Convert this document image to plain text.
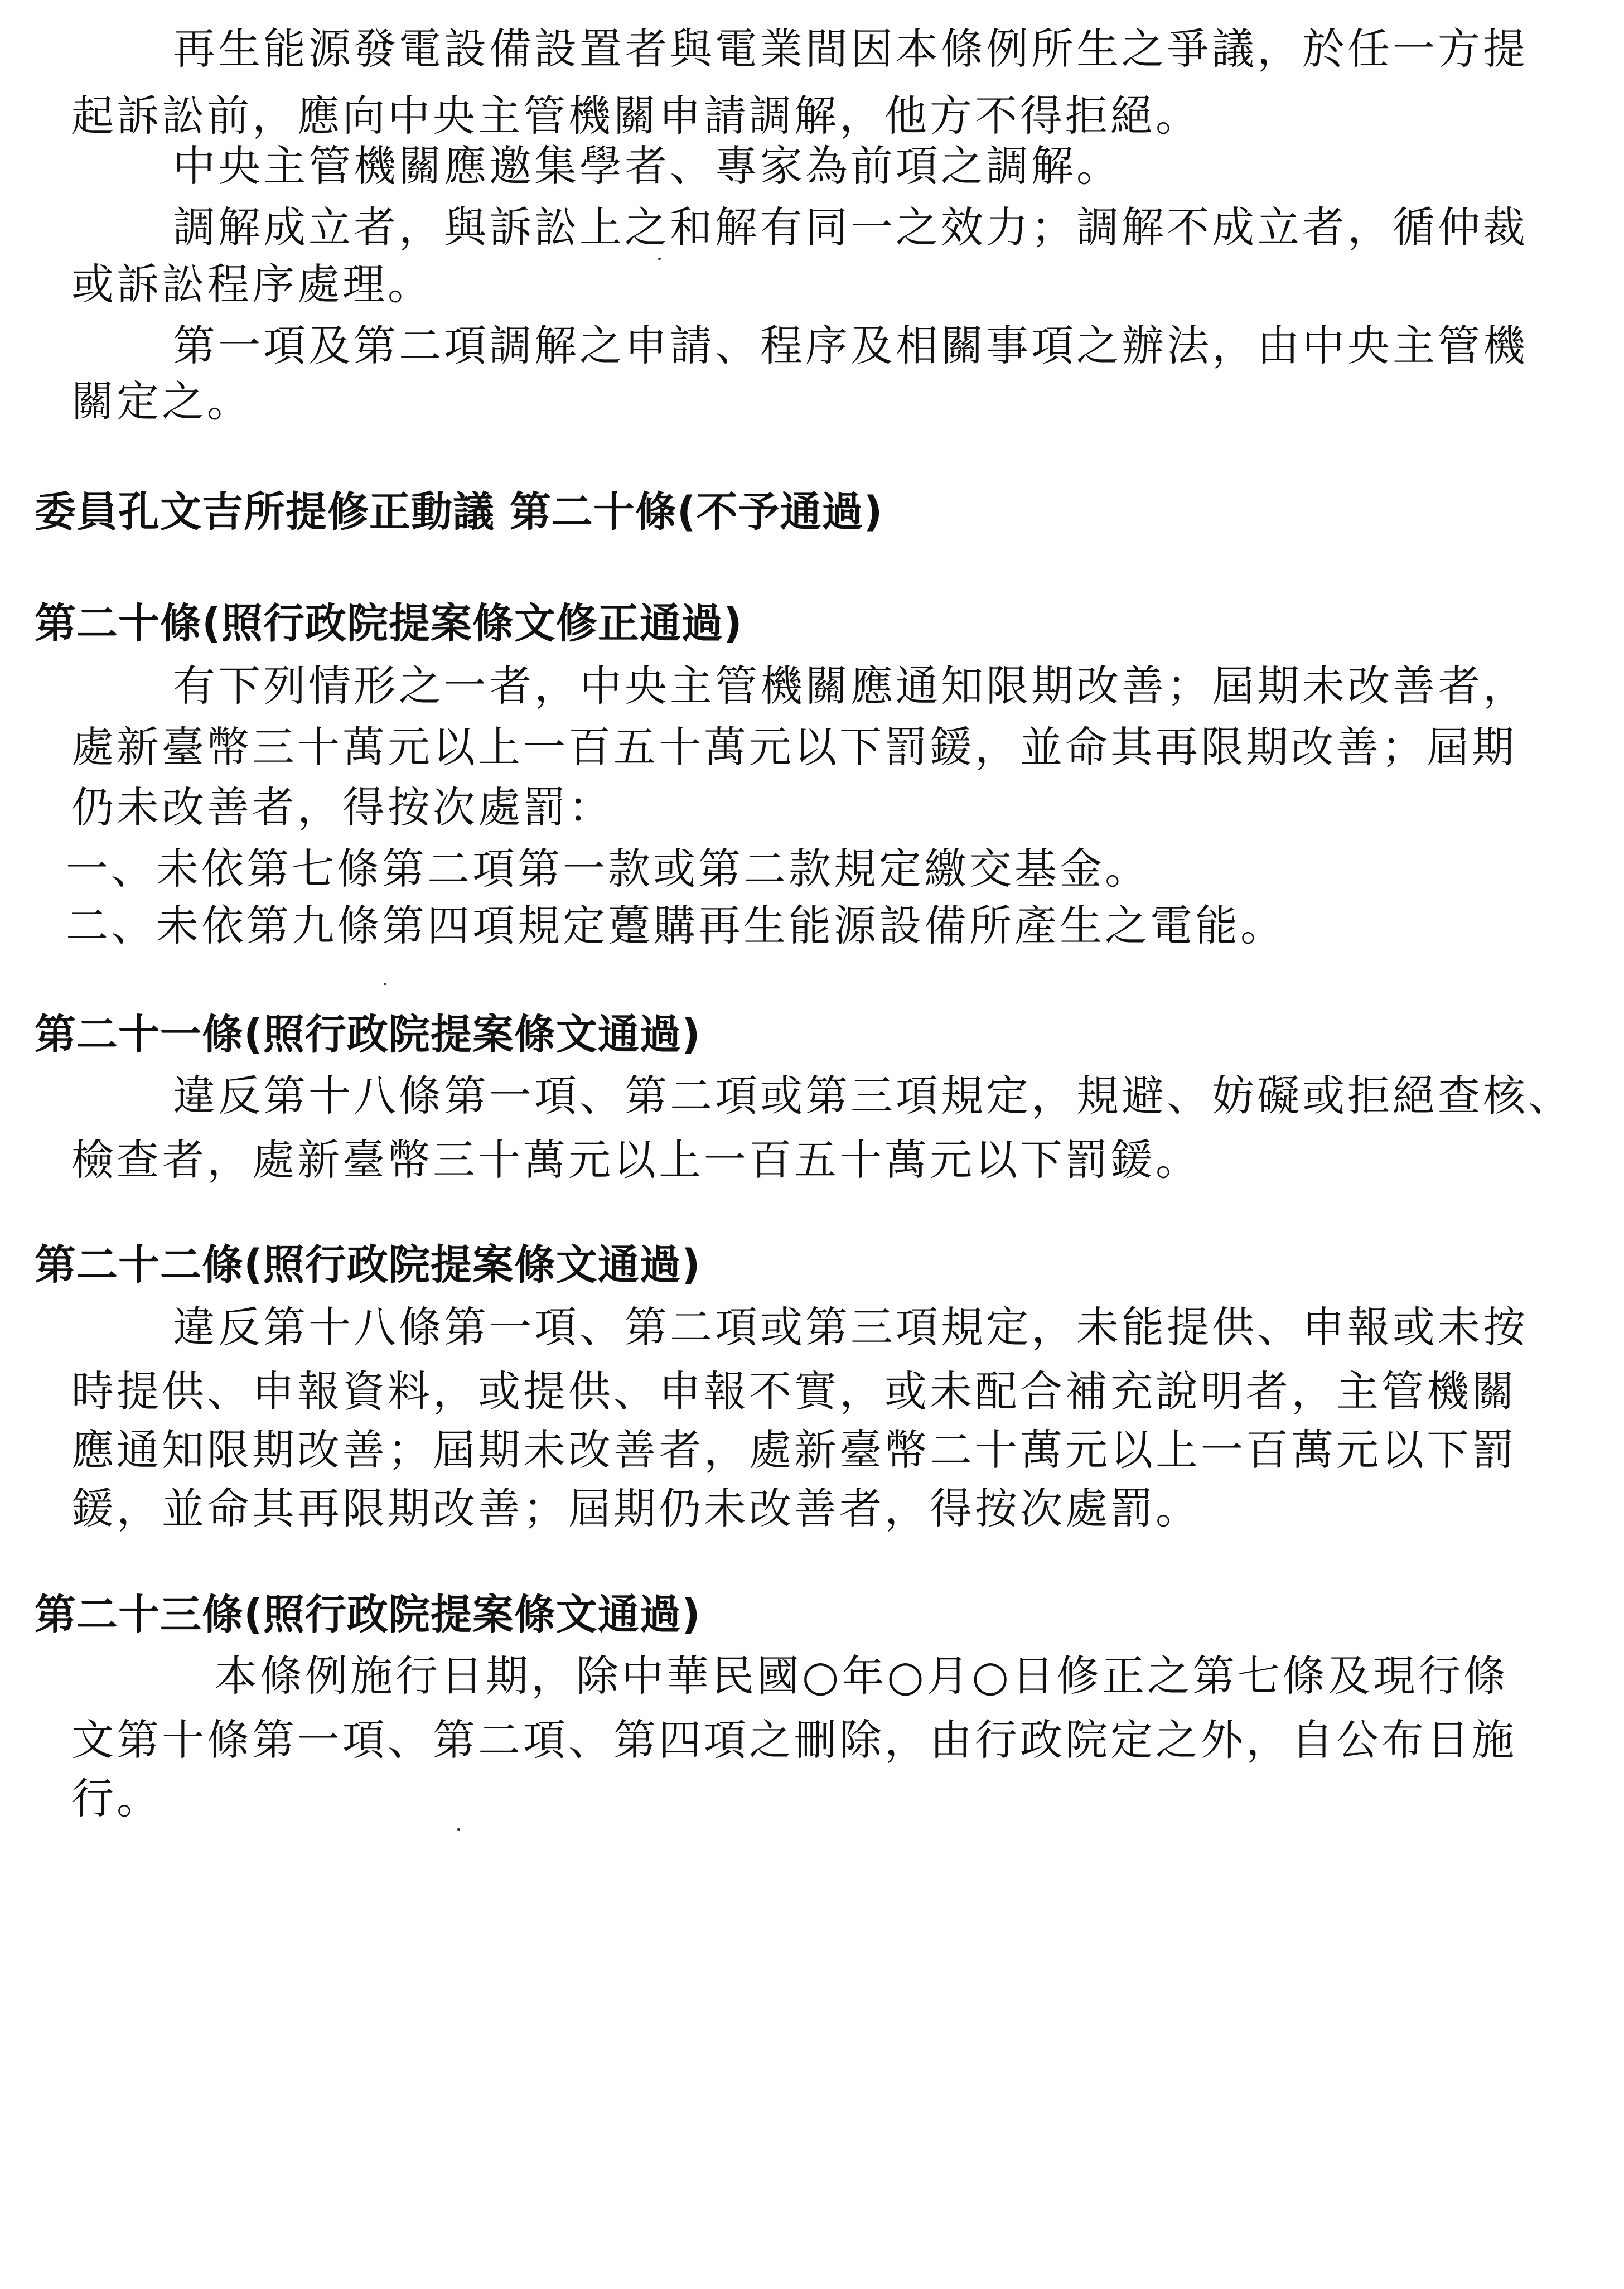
再生能源發電設備設置者與電業間因本條例所生之爭議，於任一方提
起訴訟前，應向中央主管機關申請調解，他方不得拒絕。
中央主管機關應邀集學者、專家為前項之調解。
調解成立者，與訴訟上之和解有同一之效力；調解不成立者，循仲裁
或訴訟程序處理。
第一項及第二項調解之申請、程序及相關事項之辦法，由中央主管機
關定之。
委員孔文吉所提修正動議 第二十條(不予通過)
第二十條(照行政院提案條文修正通過)
有下列情形之一者，中央主管機關應通知限期改善；屆期未改善者，
處新臺幣三十萬元以上一百五十萬元以下罰鍰，並命其再限期改善；屆期
仍未改善者，得按次處罰：
一、未依第七條第二項第一款或第二款規定繳交基金。
二、未依第九條第四項規定躉購再生能源設備所產生之電能。
第二十一條(照行政院提案條文通過)
違反第十八條第一項、第二項或第三項規定，規避、妨礙或拒絕查核、
檢查者，處新臺幣三十萬元以上一百五十萬元以下罰鍰。
第二十二條(照行政院提案條文通過)
違反第十八條第一項、第二項或第三項規定，未能提供、申報或未按
時提供、申報資料，或提供、申報不實，或未配合補充說明者，主管機關
應通知限期改善；屆期未改善者，處新臺幣二十萬元以上一百萬元以下罰
鍰，並命其再限期改善；屆期仍未改善者，得按次處罰。
第二十三條(照行政院提案條文通過)
本條例施行日期，除中華民國○年○月○日修正之第七條及現行條
文第十條第一項、第二項、第四項之刪除，由行政院定之外，自公布日施
行。
